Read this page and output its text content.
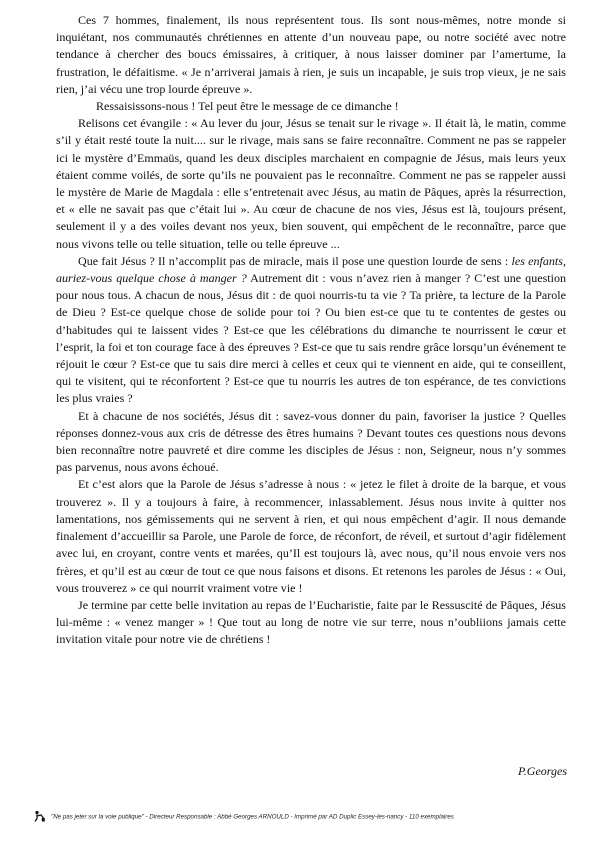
Ces 7 hommes, finalement, ils nous représentent tous. Ils sont nous-mêmes, notre monde si inquiétant, nos communautés chrétiennes en attente d’un nouveau pape, ou notre société avec notre tendance à chercher des boucs émissaires, à critiquer, à nous laisser dominer par l’amertume, la frustration, le défaitisme. « Je n’arriverai jamais à rien, je suis un incapable, je suis trop vieux, je ne sais rien, j’ai vécu une trop lourde épreuve ».

Ressaisissons-nous ! Tel peut être le message de ce dimanche !

Relisons cet évangile : « Au lever du jour, Jésus se tenait sur le rivage ». Il était là, le matin, comme s’il y était resté toute la nuit.... sur le rivage, mais sans se faire reconnaître. Comment ne pas se rappeler ici le mystère d’Emmaüs, quand les deux disciples marchaient en compagnie de Jésus, mais leurs yeux étaient comme voilés, de sorte qu’ils ne pouvaient pas le reconnaître. Comment ne pas se rappeler aussi le mystère de Marie de Magdala : elle s’entretenait avec Jésus, au matin de Pâques, après la résurrection, et « elle ne savait pas que c’était lui ». Au cœur de chacune de nos vies, Jésus est là, toujours présent, seulement il y a des voiles devant nos yeux, bien souvent, qui empêchent de le reconnaître, parce que nous vivons telle ou telle situation, telle ou telle épreuve ...

Que fait Jésus ? Il n’accomplit pas de miracle, mais il pose une question lourde de sens : les enfants, auriez-vous quelque chose à manger ? Autrement dit : vous n’avez rien à manger ? C’est une question pour nous tous. A chacun de nous, Jésus dit : de quoi nourris-tu ta vie ? Ta prière, ta lecture de la Parole de Dieu ? Est-ce quelque chose de solide pour toi ? Ou bien est-ce que tu te contentes de gestes ou d’habitudes qui te laissent vides ? Est-ce que les célébrations du dimanche te nourrissent le cœur et l’esprit, la foi et ton courage face à des épreuves ? Est-ce que tu sais rendre grâce lorsqu’un événement te réjouit le cœur ? Est-ce que tu sais dire merci à celles et ceux qui te viennent en aide, qui te conseillent, qui te visitent, qui te réconfortent ? Est-ce que tu nourris les autres de ton espérance, de tes convictions les plus vraies ?

Et à chacune de nos sociétés, Jésus dit : savez-vous donner du pain, favoriser la justice ? Quelles réponses donnez-vous aux cris de détresse des êtres humains ? Devant toutes ces questions nous devons bien reconnaître notre pauvreté et dire comme les disciples de Jésus : non, Seigneur, nous n’y sommes pas parvenus, nous avons échoué.

Et c’est alors que la Parole de Jésus s’adresse à nous : « jetez le filet à droite de la barque, et vous trouverez ». Il y a toujours à faire, à recommencer, inlassablement. Jésus nous invite à quitter nos lamentations, nos gémissements qui ne servent à rien, et qui nous empêchent d’agir. Il nous demande finalement d’accueillir sa Parole, une Parole de force, de réconfort, de réveil, et surtout d’agir fidèlement avec lui, en croyant, contre vents et marées, qu’Il est toujours là, avec nous, qu’il nous envoie vers nos frères, et qu’il est au cœur de tout ce que nous faisons et disons. Et retenons les paroles de Jésus : « Oui, vous trouverez » ce qui nourrit vraiment votre vie !

Je termine par cette belle invitation au repas de l’Eucharistie, faite par le Ressuscité de Pâques, Jésus lui-même : « venez manger » ! Que tout au long de notre vie sur terre, nous n’oubliions jamais cette invitation vitale pour notre vie de chrétiens !

P.Georges
"Ne pas jeter sur la voie publique" - Directeur Responsable : Abbé Georges ARNOULD - Imprimé par AD Duplic Essey-les-nancy - 110 exemplaires
